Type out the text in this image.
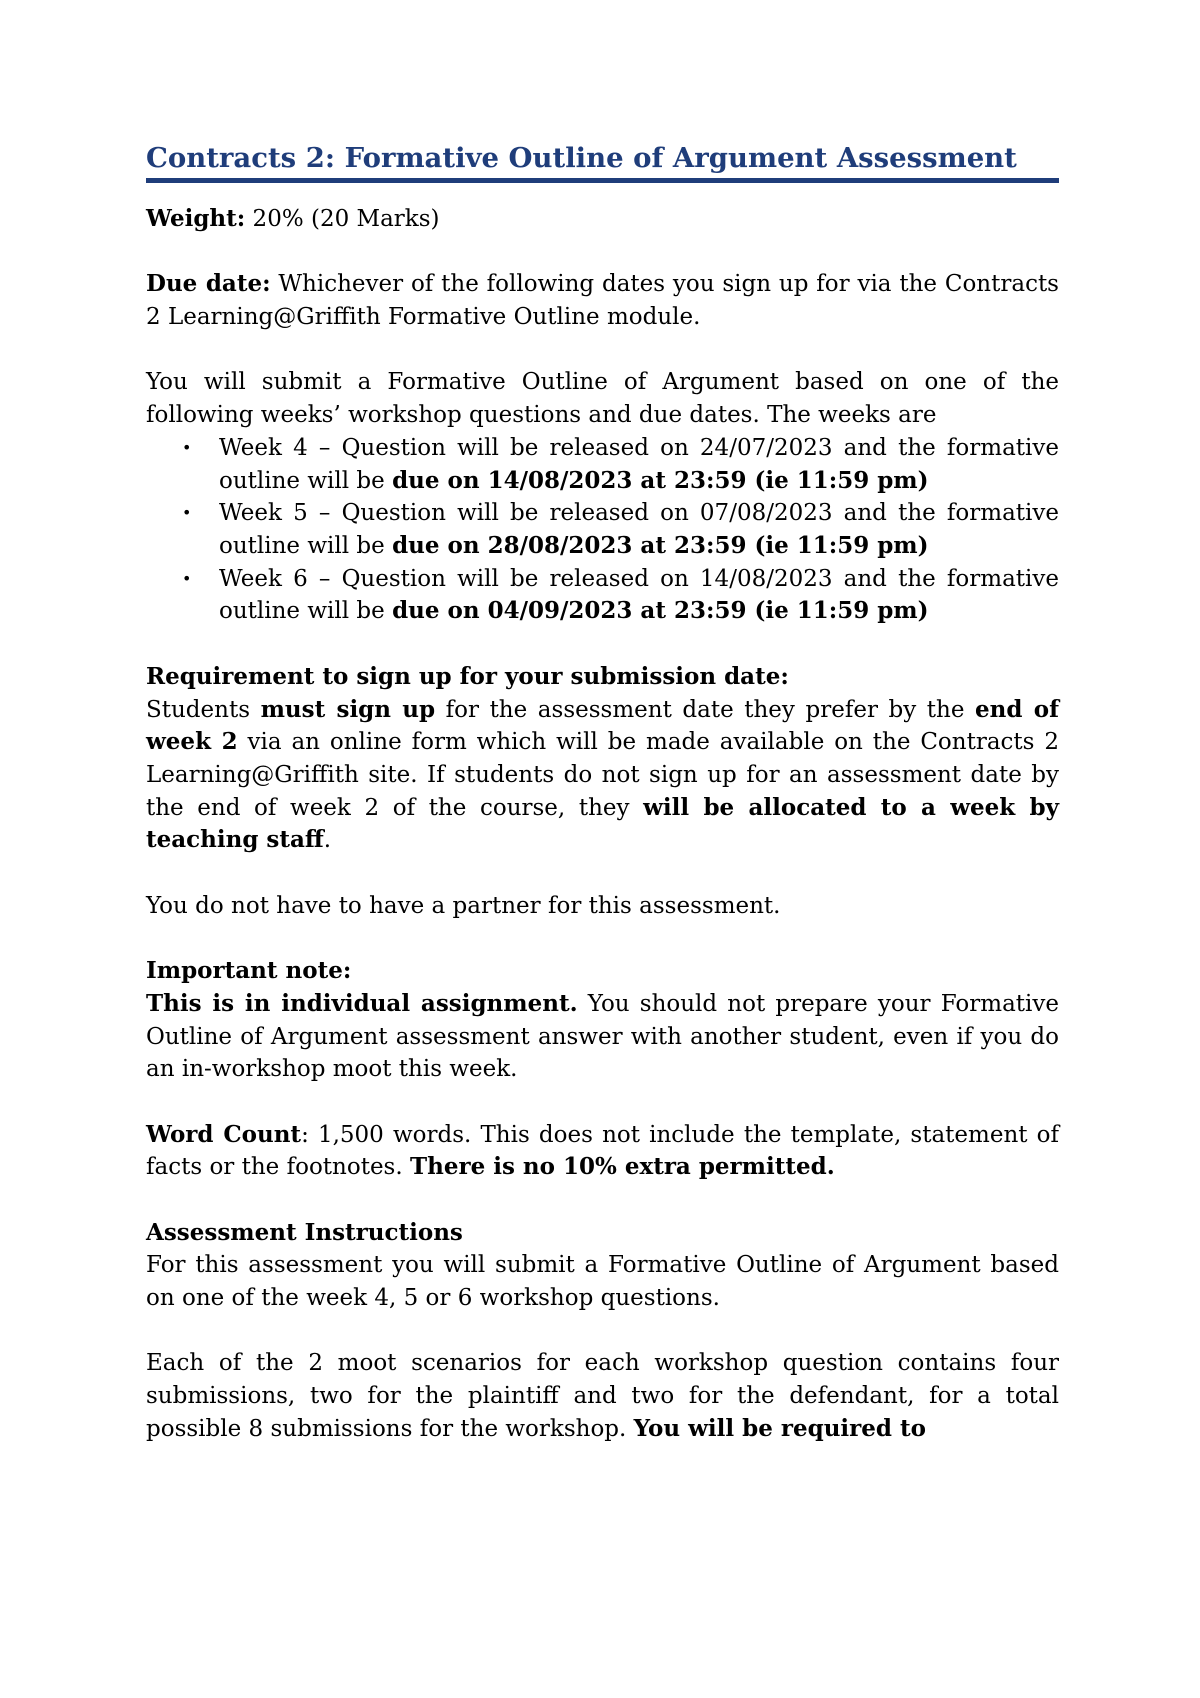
Contracts 2: Formative Outline of Argument Assessment

Weight: 20% (20 Marks)

Due date: Whichever of the following dates you sign up for via the Contracts 2 Learning@Griffith Formative Outline module.

You will submit a Formative Outline of Argument based on one of the following weeks’ workshop questions and due dates. The weeks are

• Week 4 – Question will be released on 24/07/2023 and the formative outline will be due on 14/08/2023 at 23:59 (ie 11:59 pm)
• Week 5 – Question will be released on 07/08/2023 and the formative outline will be due on 28/08/2023 at 23:59 (ie 11:59 pm)
• Week 6 – Question will be released on 14/08/2023 and the formative outline will be due on 04/09/2023 at 23:59 (ie 11:59 pm)

Requirement to sign up for your submission date:

Students must sign up for the assessment date they prefer by the end of week 2 via an online form which will be made available on the Contracts 2 Learning@Griffith site. If students do not sign up for an assessment date by the end of week 2 of the course, they will be allocated to a week by teaching staff.

You do not have to have a partner for this assessment.

Important note:

This is in individual assignment. You should not prepare your Formative Outline of Argument assessment answer with another student, even if you do an in-workshop moot this week.

Word Count: 1,500 words. This does not include the template, statement of facts or the footnotes. There is no 10% extra permitted.

Assessment Instructions

For this assessment you will submit a Formative Outline of Argument based on one of the week 4, 5 or 6 workshop questions.

Each of the 2 moot scenarios for each workshop question contains four submissions, two for the plaintiff and two for the defendant, for a total possible 8 submissions for the workshop. You will be required to
